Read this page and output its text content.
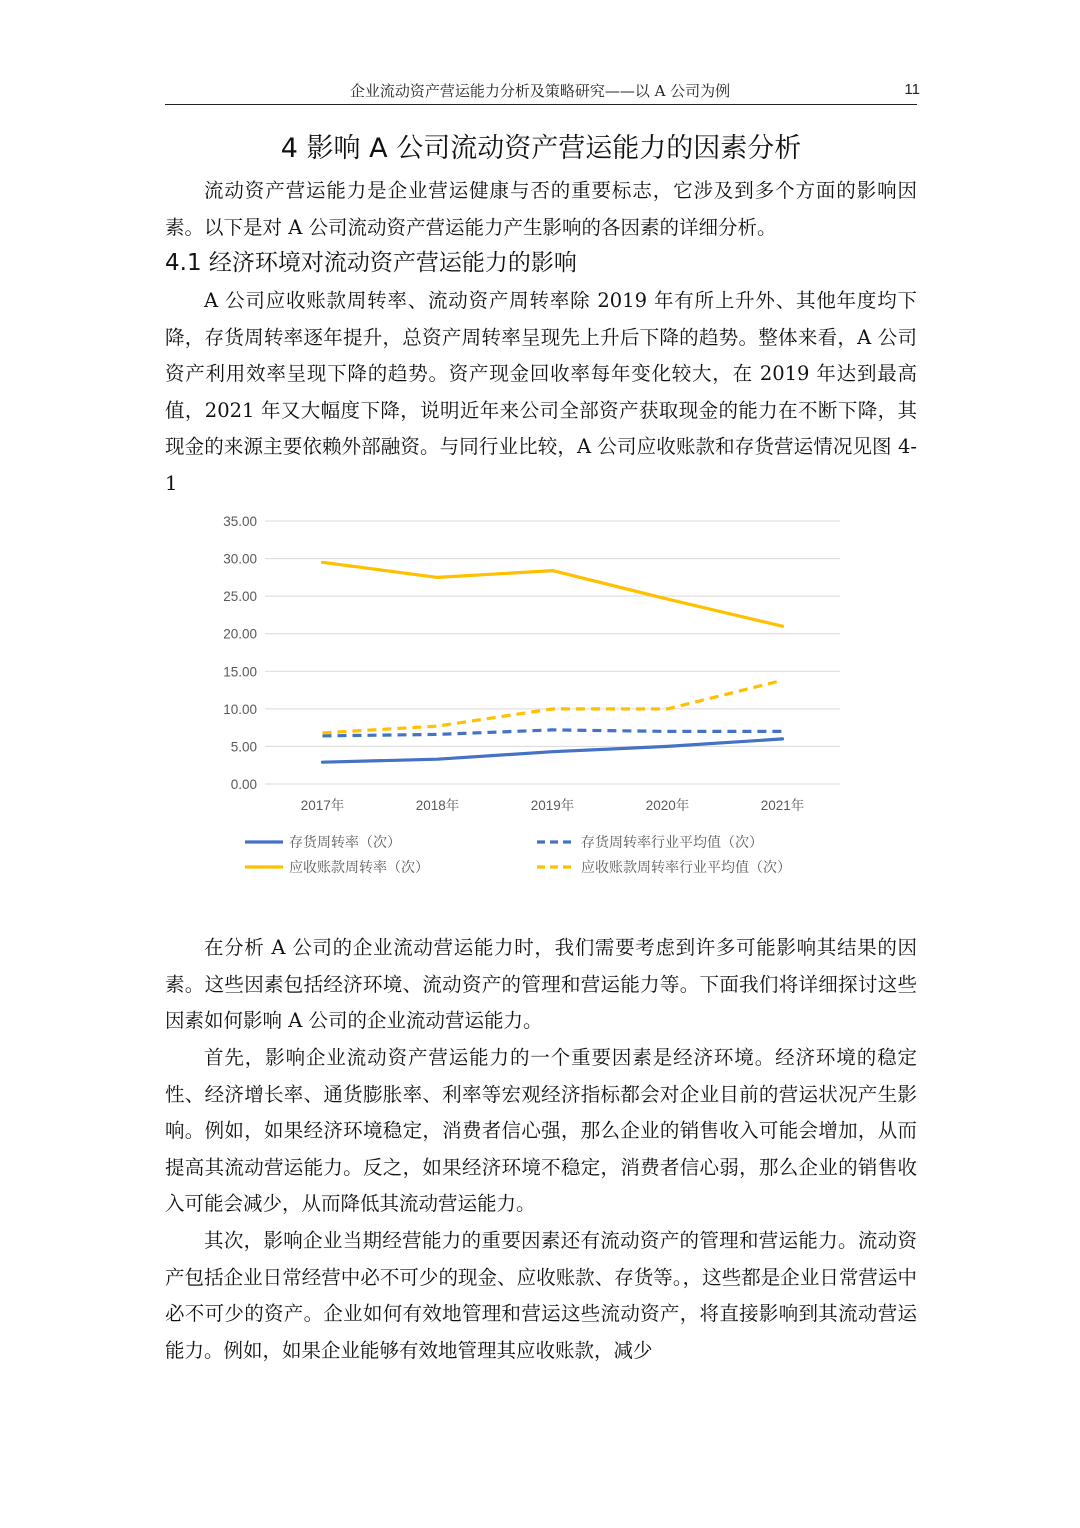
企业流动资产营运能力分析及策略研究——以 A 公司为例	11
4 影响 A 公司流动资产营运能力的因素分析

流动资产营运能力是企业营运健康与否的重要标志，它涉及到多个方面的影响因素。以下是对 A 公司流动资产营运能力产生影响的各因素的详细分析。

4.1 经济环境对流动资产营运能力的影响

A 公司应收账款周转率、流动资产周转率除 2019 年有所上升外、其他年度均下降，存货周转率逐年提升，总资产周转率呈现先上升后下降的趋势。整体来看，A 公司资产利用效率呈现下降的趋势。资产现金回收率每年变化较大，在 2019 年达到最高值，2021 年又大幅度下降，说明近年来公司全部资产获取现金的能力在不断下降，其现金的来源主要依赖外部融资。与同行业比较，A 公司应收账款和存货营运情况见图 4-1

0.00
5.00
10.00
15.00
20.00
25.00
30.00
35.00
2017年	2018年	2019年	2020年	2021年
存货周转率（次）	存货周转率行业平均值（次）
应收账款周转率（次）	应收账款周转率行业平均值（次）

在分析 A 公司的企业流动营运能力时，我们需要考虑到许多可能影响其结果的因素。这些因素包括经济环境、流动资产的管理和营运能力等。下面我们将详细探讨这些因素如何影响 A 公司的企业流动营运能力。

首先，影响企业流动资产营运能力的一个重要因素是经济环境。经济环境的稳定性、经济增长率、通货膨胀率、利率等宏观经济指标都会对企业目前的营运状况产生影响。例如，如果经济环境稳定，消费者信心强，那么企业的销售收入可能会增加，从而提高其流动营运能力。反之，如果经济环境不稳定，消费者信心弱，那么企业的销售收入可能会减少，从而降低其流动营运能力。

其次，影响企业当期经营能力的重要因素还有流动资产的管理和营运能力。流动资产包括企业日常经营中必不可少的现金、应收账款、存货等。，这些都是企业日常营运中必不可少的资产。企业如何有效地管理和营运这些流动资产，将直接影响到其流动营运能力。例如，如果企业能够有效地管理其应收账款，减少
